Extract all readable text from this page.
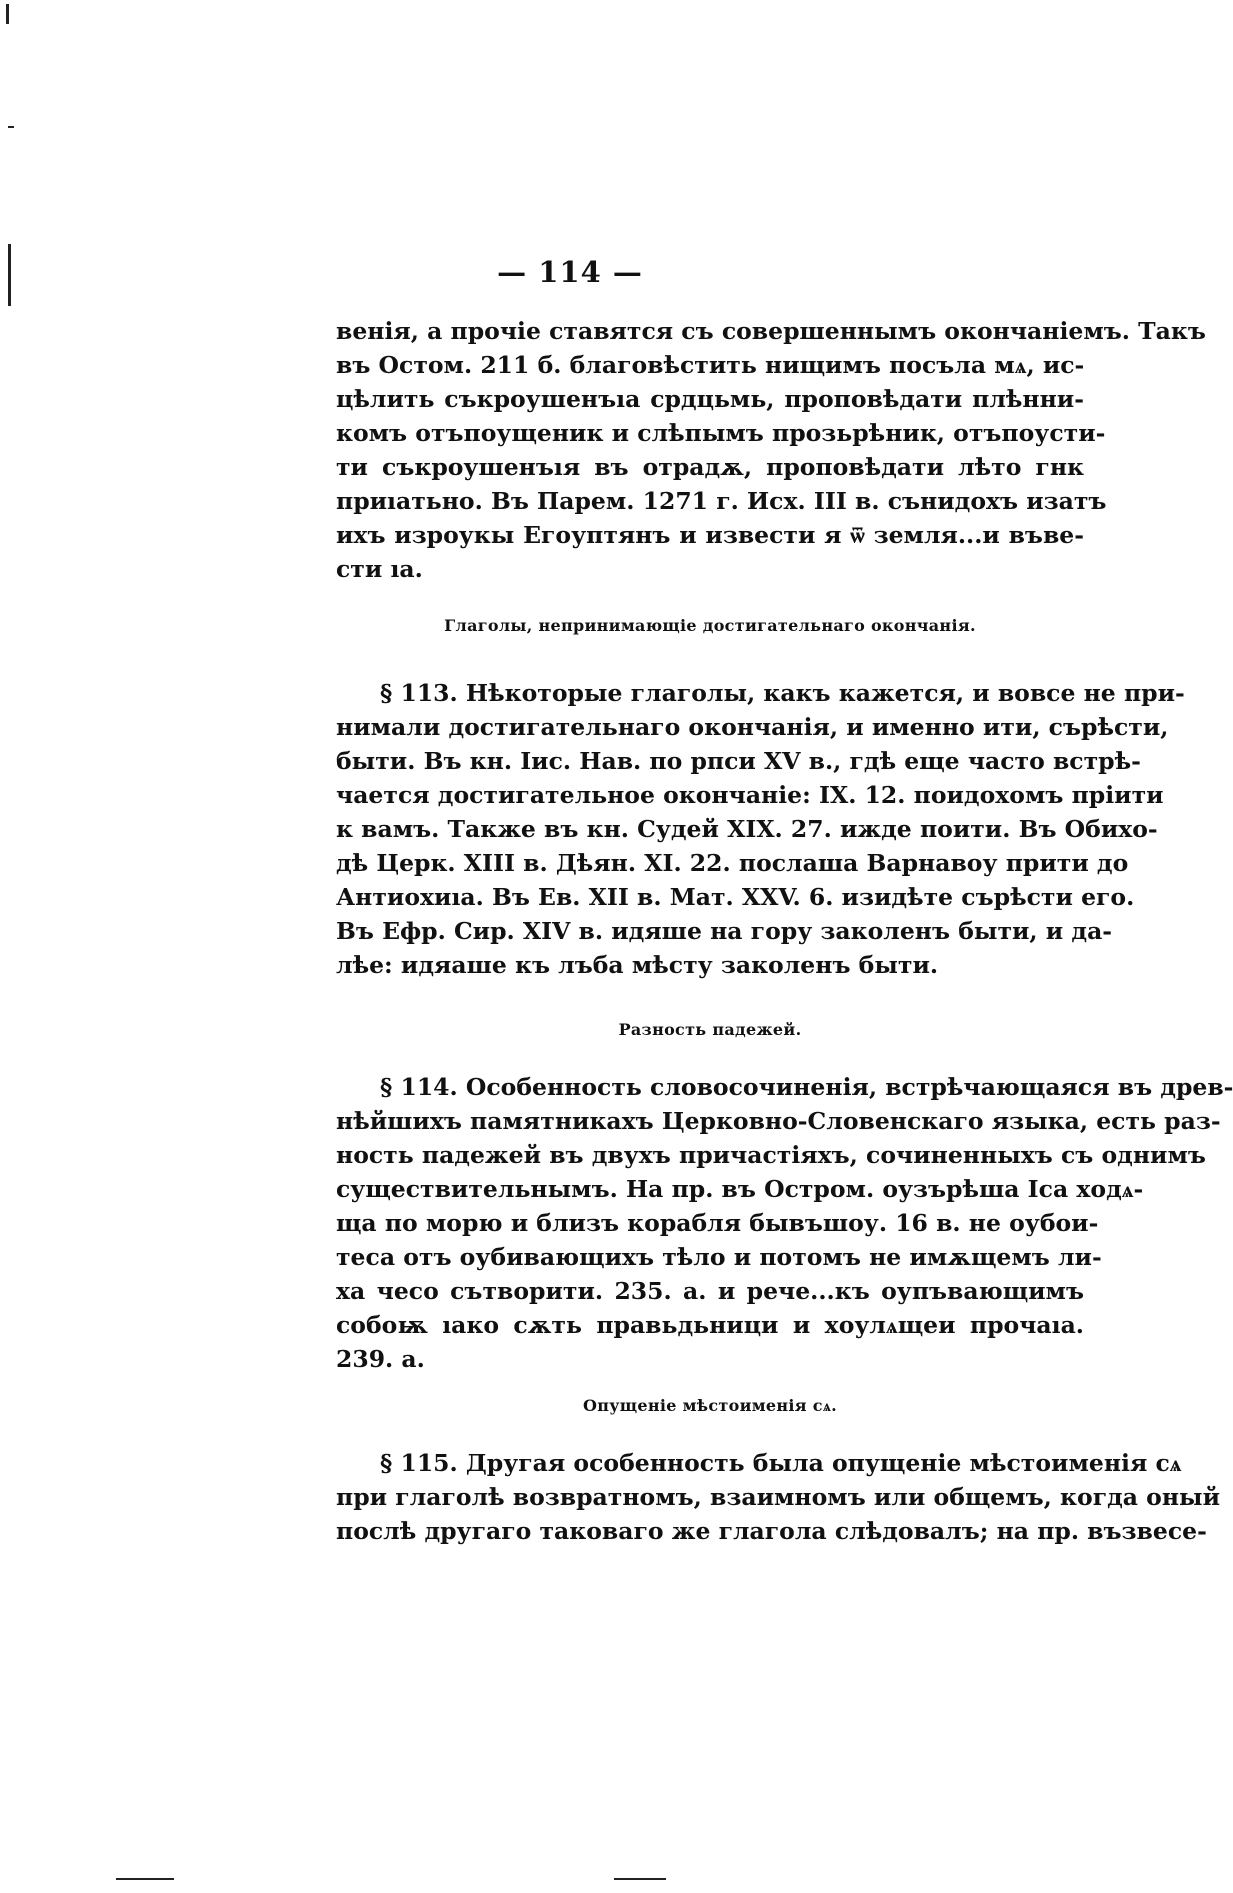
— 114 —
венія, а прочіе ставятся съ совершеннымъ окончаніемъ. Такъ
въ Остом. 211 б. благовѣстить нищимъ посъла мѧ, ис-
цѣлить съкроушенъıа срдцьмь, проповѣдати плѣнни-
комъ отъпоущеник и слѣпымъ прозьрѣник, отъпоусти-
ти съкроушенъıя въ отрадѫ, проповѣдати лѣто гнк
приıатьно. Въ Парем. 1271 г. Исх. III в. сънидохъ изатъ
ихъ изроукы Егоуптянъ и извести я ѿ земля...и въве-
сти ıа.
Глаголы, непринимающіе достигательнаго окончанія.
§ 113. Нѣкоторые глаголы, какъ кажется, и вовсе не при-
нимали достигательнаго окончанія, и именно ити, сърѣсти,
быти. Въ кн. Іис. Нав. по рпси XV в., гдѣ еще часто встрѣ-
чается достигательное окончаніе: IX. 12. поидохомъ пріити
к вамъ. Также въ кн. Судей XIX. 27. ижде поити. Въ Обихо-
дѣ Церк. XIII в. Дѣян. XI. 22. послаша Варнавоу прити до
Антиохиıа. Въ Ев. XII в. Мат. XXV. 6. изидѣте сърѣсти его.
Въ Ефр. Сир. XIV в. идяше на гору заколенъ быти, и да-
лѣе: идяаше къ лъба мѣсту заколенъ быти.
Разность падежей.
§ 114. Особенность словосочиненія, встрѣчающаяся въ древ-
нѣйшихъ памятникахъ Церковно-Словенскаго языка, есть раз-
ность падежей въ двухъ причастіяхъ, сочиненныхъ съ однимъ
существительнымъ. На пр. въ Остром. оузърѣша Іса ходѧ-
ща по морю и близъ корабля бывъшоу. 16 в. не оубои-
теса отъ оубивающихъ тѣло и потомъ не имѫщемъ ли-
ха чесо сътворити. 235. а. и рече...къ оупъвающимъ
собоѭ ıако сѫть правьдьници и хоулѧщеи прочаıа.
239. а.
Опущеніе мѣстоименія сѧ.
§ 115. Другая особенность была опущеніе мѣстоименія сѧ
при глаголѣ возвратномъ, взаимномъ или общемъ, когда оный
послѣ другаго таковаго же глагола слѣдовалъ; на пр. възвесе-
